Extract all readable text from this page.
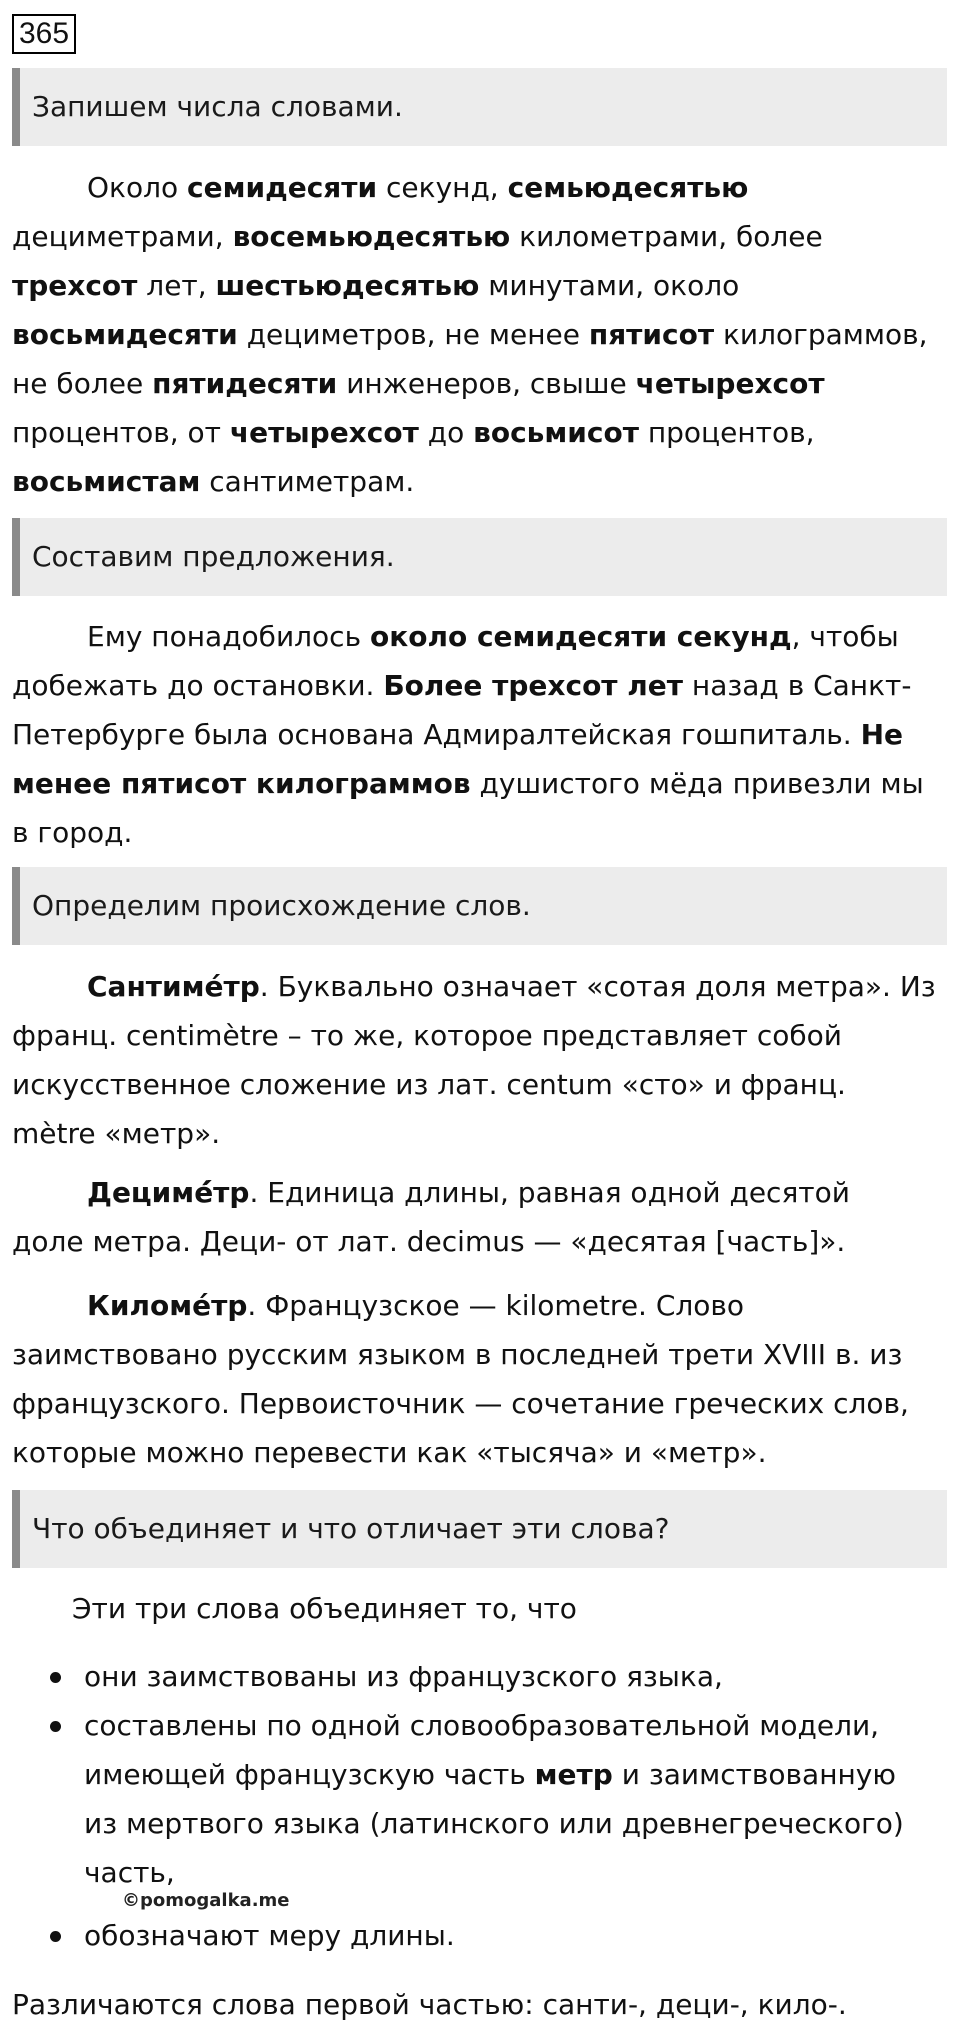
365
Запишем числа словами.
Около семидесяти секунд, семьюдесятью
дециметрами, восемьюдесятью километрами, более
трехсот лет, шестьюдесятью минутами, около
восьмидесяти дециметров, не менее пятисот килограммов,
не более пятидесяти инженеров, свыше четырехсот
процентов, от четырехсот до восьмисот процентов,
восьмистам сантиметрам.
Составим предложения.
Ему понадобилось около семидесяти секунд, чтобы
добежать до остановки. Более трехсот лет назад в Санкт-
Петербурге была основана Адмиралтейская гошпиталь. Не
менее пятисот килограммов душистого мёда привезли мы
в город.
Определим происхождение слов.
Сантиме́тр. Буквально означает «сотая доля метра». Из
франц. centimètre – то же, которое представляет собой
искусственное сложение из лат. centum «сто» и франц.
mètre «метр».
Децимé́тр. Единица длины, равная одной десятой
доле метра. Деци- от лат. decimus — «десятая [часть]».
Киломе́тр. Французское — kilometre. Слово
заимствовано русским языком в последней трети XVIII в. из
французского. Первоисточник — сочетание греческих слов,
которые можно перевести как «тысяча» и «метр».
Что объединяет и что отличает эти слова?
Эти три слова объединяет то, что
они заимствованы из французского языка,
составлены по одной словообразовательной модели,
имеющей французскую часть метр и заимствованную
из мертвого языка (латинского или древнегреческого)
часть,
обозначают меру длины.
Различаются слова первой частью: санти-, деци-, кило-.
©pomogalka.me
